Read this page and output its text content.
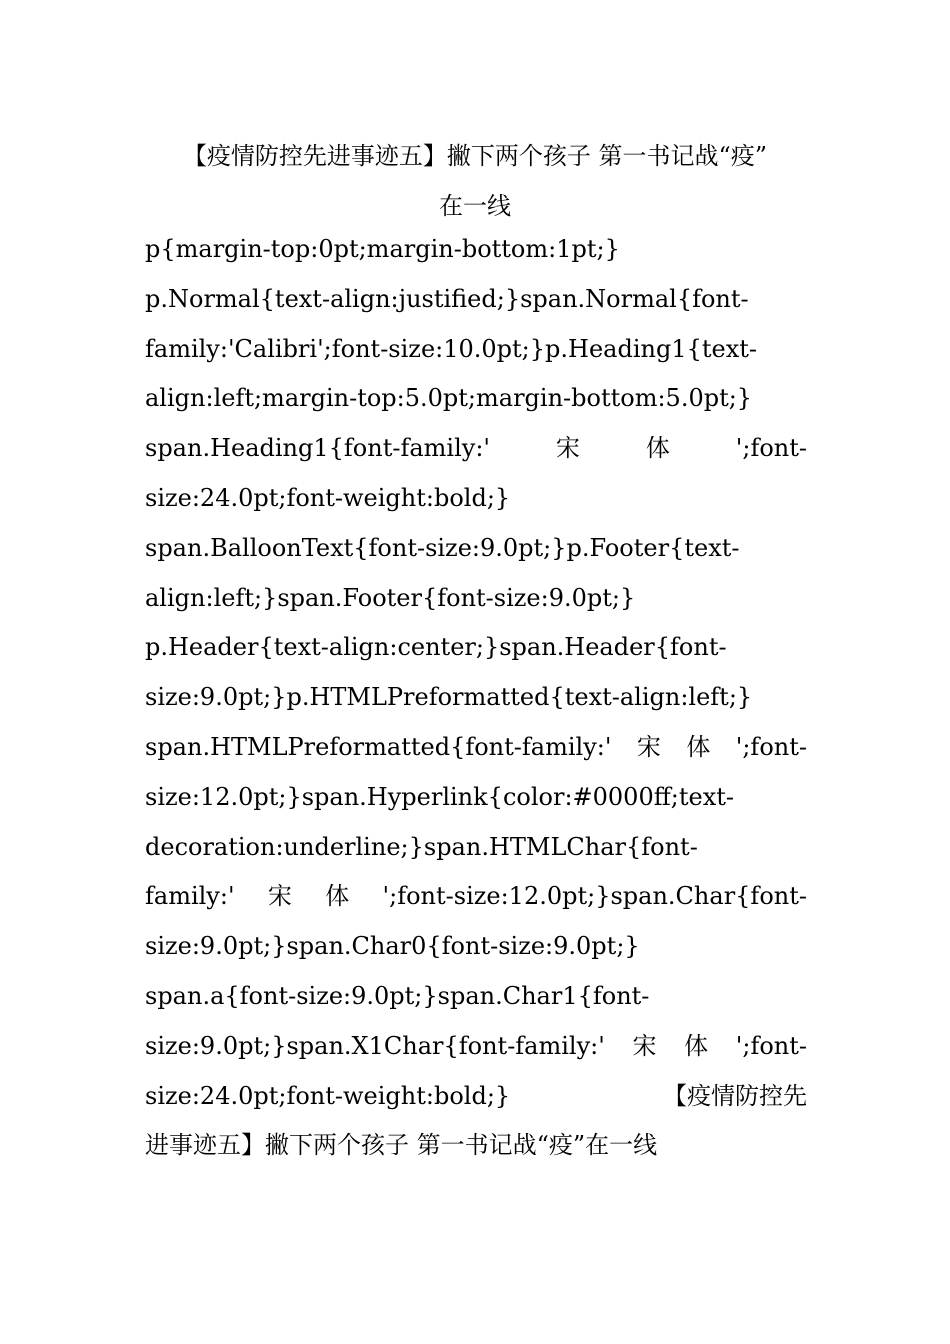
【疫情防控先进事迹五】撇下两个孩子 第一书记战“疫”
在一线
p{margin-top:0pt;margin-bottom:1pt;}
p.Normal{text-align:justified;}span.Normal{font-
family:'Calibri';font-size:10.0pt;}p.Heading1{text-
align:left;margin-top:5.0pt;margin-bottom:5.0pt;}
span.Heading1{font-family:'	宋	体	';font-
size:24.0pt;font-weight:bold;}
span.BalloonText{font-size:9.0pt;}p.Footer{text-
align:left;}span.Footer{font-size:9.0pt;}
p.Header{text-align:center;}span.Header{font-
size:9.0pt;}p.HTMLPreformatted{text-align:left;}
span.HTMLPreformatted{font-family:' 宋 体 ';font-
size:12.0pt;}span.Hyperlink{color:#0000ff;text-
decoration:underline;}span.HTMLChar{font-
family:' 宋 体 ';font-size:12.0pt;}span.Char{font-
size:9.0pt;}span.Char0{font-size:9.0pt;}
span.a{font-size:9.0pt;}span.Char1{font-
size:9.0pt;}span.X1Char{font-family:' 宋 体 ';font-
size:24.0pt;font-weight:bold;}	【疫情防控先
进事迹五】撇下两个孩子 第一书记战“疫”在一线
